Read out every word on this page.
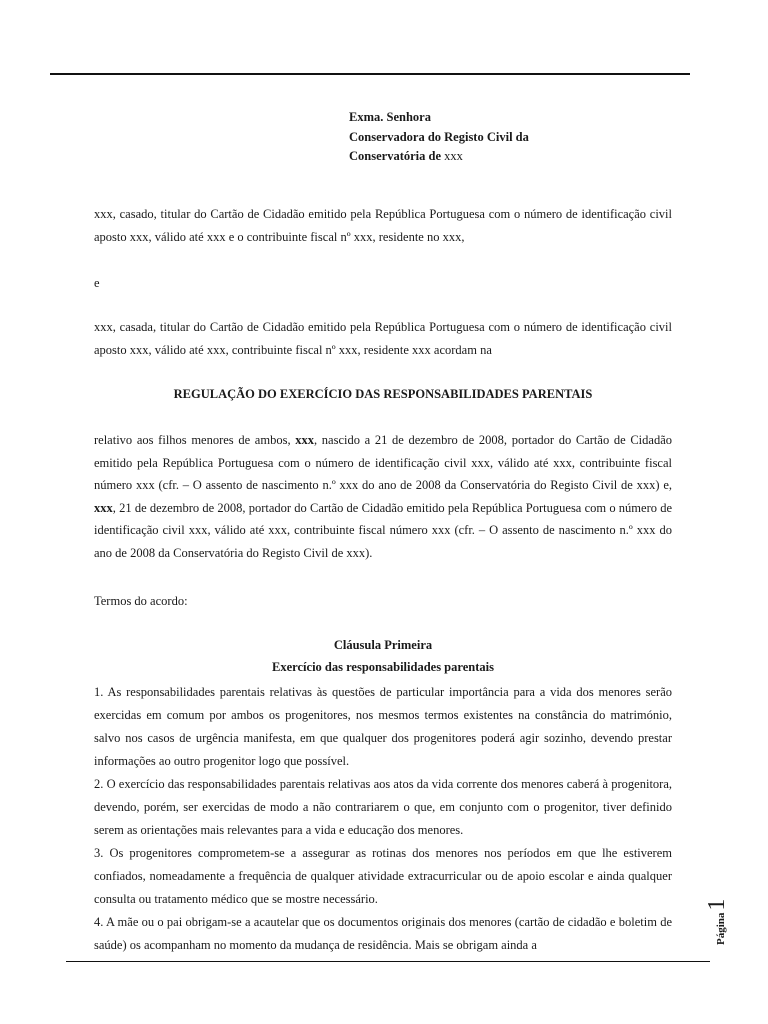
Exma. Senhora
Conservadora do Registo Civil da
Conservatória de xxx
xxx, casado, titular do Cartão de Cidadão emitido pela República Portuguesa com o número de identificação civil aposto xxx, válido até xxx e o contribuinte fiscal nº xxx, residente no xxx,
e
xxx, casada, titular do Cartão de Cidadão emitido pela República Portuguesa com o número de identificação civil aposto xxx, válido até xxx, contribuinte fiscal nº xxx, residente xxx acordam na
REGULAÇÃO DO EXERCÍCIO DAS RESPONSABILIDADES PARENTAIS
relativo aos filhos menores de ambos, xxx, nascido a 21 de dezembro de 2008, portador do Cartão de Cidadão emitido pela República Portuguesa com o número de identificação civil xxx, válido até xxx, contribuinte fiscal número xxx (cfr. – O assento de nascimento n.º xxx do ano de 2008 da Conservatória do Registo Civil de xxx) e, xxx, 21 de dezembro de 2008, portador do Cartão de Cidadão emitido pela República Portuguesa com o número de identificação civil xxx, válido até xxx, contribuinte fiscal número xxx (cfr. – O assento de nascimento n.º xxx do ano de 2008 da Conservatória do Registo Civil de xxx).
Termos do acordo:
Cláusula Primeira
Exercício das responsabilidades parentais

1. As responsabilidades parentais relativas às questões de particular importância para a vida dos menores serão exercidas em comum por ambos os progenitores, nos mesmos termos existentes na constância do matrimónio, salvo nos casos de urgência manifesta, em que qualquer dos progenitores poderá agir sozinho, devendo prestar informações ao outro progenitor logo que possível.

2. O exercício das responsabilidades parentais relativas aos atos da vida corrente dos menores caberá à progenitora, devendo, porém, ser exercidas de modo a não contrariarem o que, em conjunto com o progenitor, tiver definido serem as orientações mais relevantes para a vida e educação dos menores.

3. Os progenitores comprometem-se a assegurar as rotinas dos menores nos períodos em que lhe estiverem confiados, nomeadamente a frequência de qualquer atividade extracurricular ou de apoio escolar e ainda qualquer consulta ou tratamento médico que se mostre necessário.

4. A mãe ou o pai obrigam-se a acautelar que os documentos originais dos menores (cartão de cidadão e boletim de saúde) os acompanham no momento da mudança de residência. Mais se obrigam ainda a	Página
1
